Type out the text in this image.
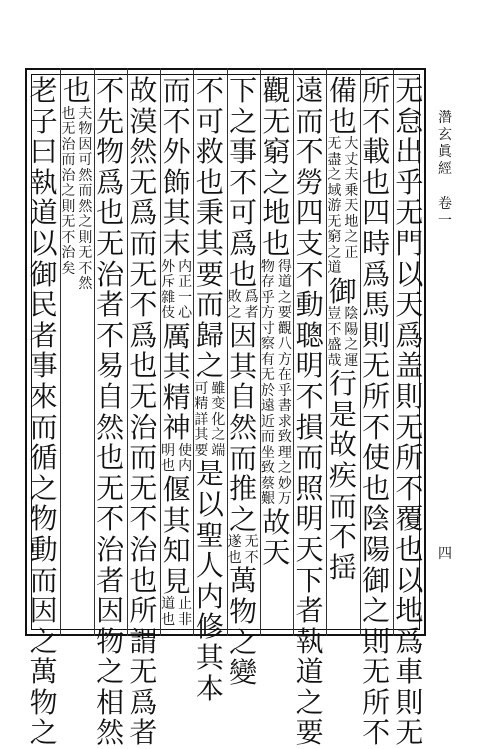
濳玄眞經
卷一
四
无怠出乎无門以天爲盖則无所不覆也以地爲車則无
所不載也四時爲馬則无所不使也陰陽御之則无所不
備也
大丈夫乗天地之正
无盡之域游无窮之道
御
陰陽之運
豈不盛哉
行是故疾而不揺
遠而不勞四支不動聰明不損而照明天下者執道之要
觀无窮之地也
得道之要觀八方在乎
物存乎方寸察有无於
書求致理之妙万
遠近而坐致蔡艱
故天
下之事不可爲也
爲者
敗之
因其自然而推之
无不
遂也
萬物之變
不可救也秉其要而歸之
雖变化之端
可精詳其要
是以聖人内修其本
而不外飾其末
内正一心
外斥雜伎
厲其精神
使内
明也
偃其知見
止非
道也
故漠然无爲而无不爲也无治而无不治也所謂无爲者
不先物爲也无治者不易自然也无不治者因物之相然
也
夫物因可然而然之則无不然
也无治而治之則无不治矣
老子曰執道以御民者事來而循之物動而因之萬物之
